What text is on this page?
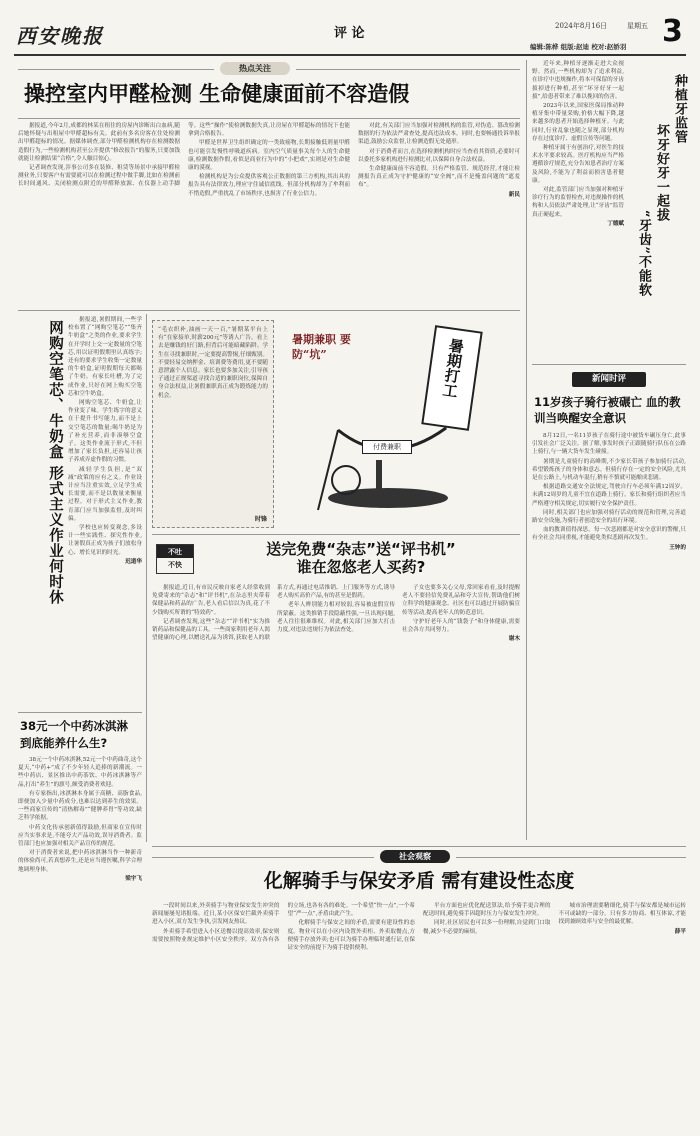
西安晚报	评 论	2024年8月16日	星期五 3
编辑:陈桦 组版:赵迪 校对:赵娇羽
热点关注
操控室内甲醛检测 生命健康面前不容造假

据报道,今年2月,成都的林某在租住的房屋内诊断出白血病,随后她怀疑与出租屋中甲醛超标有关。此前有多名房客在住处检测出甲醛超标的情况。据媒体调查,部分甲醛检测机构存在检测数据造假行为,一些检测机构甚至公开提供“修改报告”的服务,只要加钱就能让检测结果“合格”,令人触目惊心。

记者调查发现,涉事公司多在装修、租赁等场景中承接甲醛检测业务,只要客户有需要就可以在检测过程中做手脚,比如在检测前长时间通风、关闭检测点附近的甲醛释放源、在仪器上动手脚等。这些“操作”使检测数据失真,让房屋在甲醛超标的情况下也能拿到合格报告。

甲醛是世界卫生组织确定的一类致癌物,长期接触低剂量甲醛也可能引发慢性呼吸道疾病。室内空气质量事关每个人的生命健康,检测数据作假,看似是商业行为中的“小把戏”,实则是对生命健康的漠视。

检测机构是为公众提供客观公正数据的第三方机构,其出具的报告具有法律效力,理应守住诚信底线。但部分机构却为了牟利而不惜造假,严重扰乱了市场秩序,也损害了行业公信力。

对此,有关部门应当加强对检测机构的监管,对伪造、篡改检测数据的行为依法严肃查处,提高违法成本。同时,也要畅通投诉举报渠道,鼓励公众监督,让检测造假无处遁形。

对于消费者而言,在选择检测机构时应当查看其资质,必要时可以委托多家机构进行检测比对,以保障自身合法权益。

生命健康面前不容造假。只有严格监管、规范经营,才能让检测报告真正成为守护健康的“安全阀”,而不是掩盖问题的“遮羞布”。

新民

网购空笔芯、牛奶盒 形式主义作业何时休	据报道,暑假期间,一些学校布置了“网购空笔芯”“集齐牛奶盒”之类的作业,要求学生在开学时上交一定数量的空笔芯,用以证明假期里认真练字;还有的要求学生收集一定数量的牛奶盒,证明假期每天都喝了牛奶。有家长吐槽,为了完成作业,只好在网上购买空笔芯和空牛奶盒。

网购空笔芯、牛奶盒,让作业变了味。学生练字的意义在于提升书写能力,而不是上交空笔芯的数量;喝牛奶是为了补充营养,而非凑够空盒子。这类作业流于形式,不但增加了家长负担,还容易让孩子养成弄虚作假的习惯。

减轻学生负担,是“双减”政策的应有之义。作业设计应当注重实效,立足学生成长需要,而不是以数量来衡量过程。对于形式主义作业,教育部门应当加强监督,及时纠偏。

学校也应转变观念,多设计一些实践性、探究性作业,让暑假真正成为孩子们放松身心、增长见识的时光。

迟道华

38元一个中药冰淇淋 到底能养什么生?

38元一个中药冰淇淋,52元一个中药曲奇,这个夏天,“中药+”成了不少年轻人追捧的新潮流。一些中药店、景区推出中药茶饮、中药冰淇淋等产品,打出“养生”的旗号,颇受消费者欢迎。

有专家指出,冰淇淋本身属于高糖、高脂食品,即便加入少量中药成分,也难以达到养生的效果。一些商家宣传的“清热解毒”“健脾养胃”等功效,缺乏科学依据。

中药文化传承创新值得鼓励,但商家在宣传时应当实事求是,不能夸大产品功效,误导消费者。监管部门也应加强对相关产品宣传的规范。

对于消费者来说,把中药冰淇淋当作一种新奇的体验尚可,若真想养生,还是应当遵医嘱,科学合理地调理身体。

梁宇飞

“毛衣织补,油画一天一百,”暑期某平台上有“在家接单,时薪200元”等诱人广告。看上去是赚钱的好门路,但背后可能暗藏陷阱。学生在寻找兼职时,一定要提高警惕,仔细甄别。不要轻易交纳押金、培训费等费用,更不要随意泄露个人信息。家长也要多加关注,引导孩子通过正规渠道寻找合适的兼职岗位,保障自身合法权益,让暑假兼职真正成为锻炼能力的机会。

时锋
暑期兼职 要防“坑”	暑期打工
付费兼职
不吐
不快
送完免费“杂志”送“评书机”
谁在忽悠老人买药?

据报道,近日,有市民反映自家老人经常收到免费寄来的“杂志”和“评书机”,在杂志里夹带着保健品和药品的广告,老人看后信以为真,花了不少钱购买所谓的“特效药”。

记者调查发现,这些“杂志”“评书机”实为推销药品和保健品的工具。一些商家利用老年人渴望健康的心理,以赠送礼品为诱饵,获取老人的联系方式,再通过电话推销、上门服务等方式,诱导老人购买高价产品,有的甚至是假药。

老年人辨别能力相对较弱,容易被虚假宣传所蒙蔽。这类推销手段隐蔽性强,一旦出现问题,老人往往很难维权。对此,相关部门应加大打击力度,对违法违规行为依法查处。

子女也要多关心父母,常回家看看,及时提醒老人不要轻信免费礼品和夸大宣传,帮助他们树立科学的健康观念。社区也可以通过开展防骗宣传等活动,提高老年人的防范意识。

守护好老年人的“钱袋子”和身体健康,需要社会各方共同努力。

谢木

近年来,种植牙逐渐走进大众视野。然而,一些机构却为了追求利益,在诊疗中违规操作,将本可保留的牙齿拔掉进行种植,甚至“坏牙好牙一起拔”,给患者带来了难以挽回的伤害。

2023年以来,国家医保局推动种植牙集中带量采购,价格大幅下降,越来越多的患者开始选择种植牙。与此同时,行业乱象也随之显现,部分机构存在过度诊疗、虚假宣传等问题。

种植牙属于有创治疗,对医生的技术水平要求较高。医疗机构应当严格遵循诊疗规范,充分告知患者治疗方案及风险,不能为了利益而损害患者健康。

对此,监管部门应当加强对种植牙诊疗行为的监督检查,对违规操作的机构和人员依法严肃处理,让“牙齿”监管真正硬起来。

丁德赋

种植牙监管
坏牙好牙一起拔
“牙齿”不能软
新闻时评
11岁孩子骑行被碾亡 血的教训当唤醒安全意识

8月12日,一名11岁孩子在骑行途中被货车碾压身亡,此事引发社会广泛关注。据了解,事发时孩子正跟随骑行队伍在公路上骑行,与一辆大货车发生碰撞。

暑期是儿童骑行的高峰期,不少家长带孩子参加骑行活动,希望锻炼孩子的身体和意志。但骑行存在一定的安全风险,尤其是在公路上,与机动车混行,稍有不慎就可能酿成悲剧。

根据道路交通安全法规定,驾驶自行车必须年满12周岁。未满12周岁的儿童不宜在道路上骑行。家长和骑行组织者应当严格遵守相关规定,切实履行安全保护责任。

同时,相关部门也应加强对骑行活动的规范和管理,完善道路安全设施,为骑行者创造安全的出行环境。

血的教训值得深思。每一次悲剧都是对安全意识的警醒,只有全社会共同重视,才能避免类似悲剧再次发生。

王钟的

社会观察
化解骑手与保安矛盾 需有建设性态度

一段时间以来,外卖骑手与物业保安发生冲突的新闻屡屡见诸报端。近日,某小区保安拦截外卖骑手进入小区,双方发生争执,引发网友热议。

外卖骑手希望进入小区送餐以提高效率,保安则需要按照物业规定维护小区安全秩序。双方各有各的立场,也各有各的难处。一个希望“快一点”,一个希望“严一点”,矛盾由此产生。

化解骑手与保安之间的矛盾,需要有建设性的态度。物业可以在小区内设置外卖柜、外卖取餐点,方便骑手存放外卖;也可以为骑手办理临时通行证,在保证安全的前提下为骑手提供便利。

平台方面也应优化配送算法,给予骑手更合理的配送时间,避免骑手因超时压力与保安发生冲突。

同时,社区居民也可以多一份理解,自觉到门口取餐,减少不必要的麻烦。

城市治理需要精细化,骑手与保安都是城市运转不可或缺的一部分。只有多方协商、相互体谅,才能找到兼顾效率与安全的最优解。

薛平
